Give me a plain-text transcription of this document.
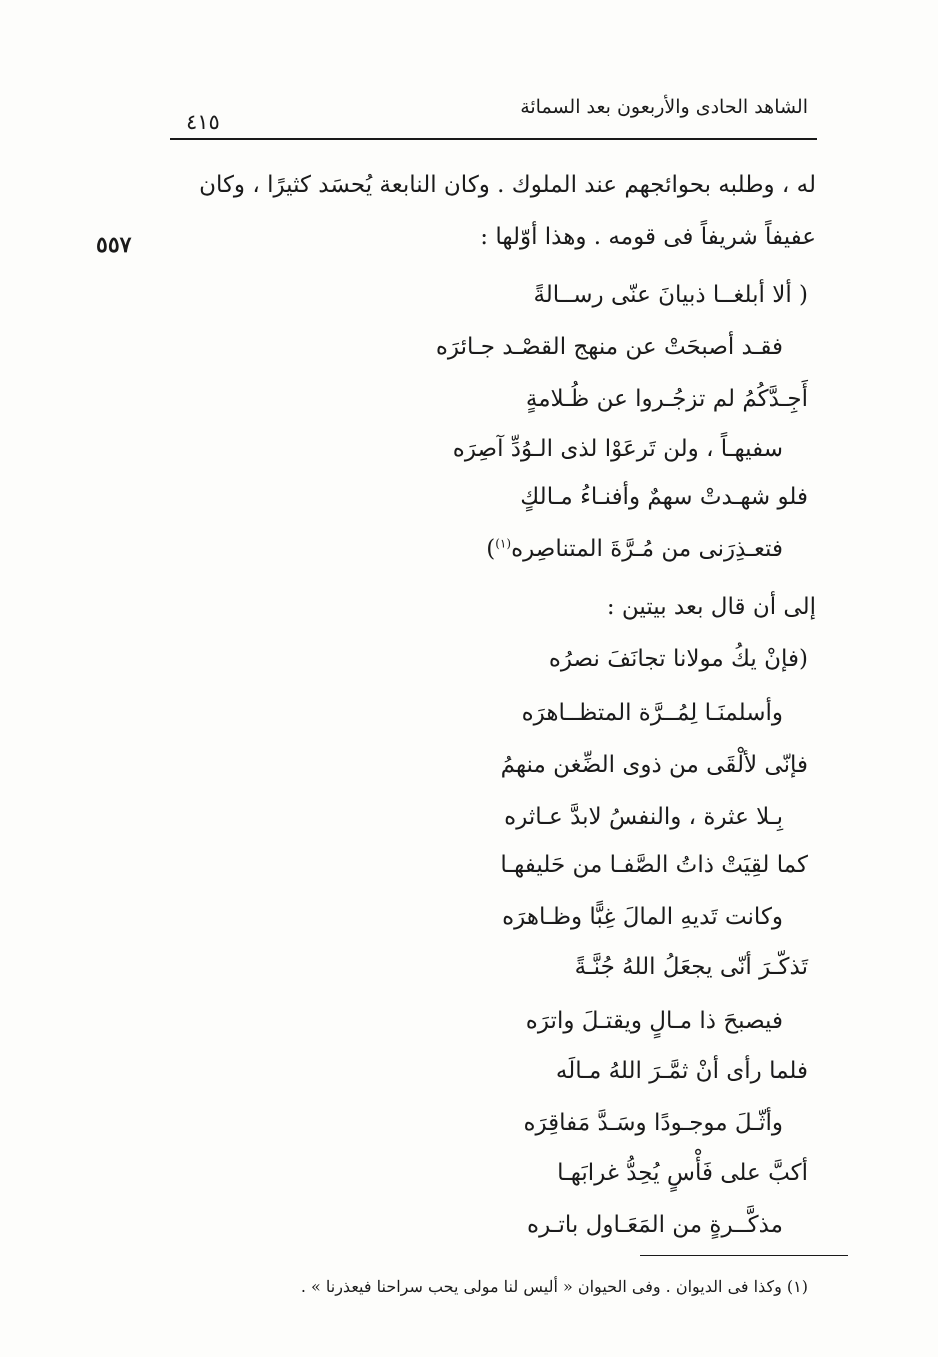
الشاهد الحادى والأربعون بعد السمائة
٤١٥
٥٥٧
له ، وطلبه بحوائجهم عند الملوك . وكان النابعة يُحسَد كثيرًا ، وكان
عفيفاً شريفاً فى قومه . وهذا أوّلها :
( ألا أبلغــا ذبيانَ عنّى رســالةً
فقـد أصبحَتْ عن منهج القصْـد جـائرَه
أَجِـدَّكُمُ لم تزجُـروا عن ظُـلامةٍ
سفيهـاً ، ولن تَرعَوْا لذى الـوُدِّ آصِرَه
فلو شهـدتْ سهمٌ وأفنـاءُ مـالكٍ
فتعـذِرَنى من مُـرَّةَ المتناصِره$^{(١)}$)
إلى أن قال بعد بيتين :
(فإنْ يكُ مولانا تجانَفَ نصرُه
وأسلمنَـا لِمُــرَّة المتظــاهرَه
فإنّى لألْقَى من ذوى الضِّغن منهمُ
بِـلا عثرة ، والنفسُ لابدَّ عـاثره
كما لقِيَتْ ذاتُ الصَّفـا من حَليفهـا
وكانت تَديهِ المالَ غِبًّا وظـاهرَه
تَذكّـرَ أنّى يجعَلُ اللهُ جُنَّـةً
فيصبحَ ذا مـالٍ ويقتـلَ واترَه
فلما رأى أنْ ثمَّـرَ اللهُ مـالَه
وأثّـلَ موجـودًا وسَـدَّ مَفاقِرَه
أكبَّ على فَأْسٍ يُحِدُّ غرابَهـا
مذكَّــرةٍ من المَعَـاول باتـره
(١) وكذا فى الديوان . وفى الحيوان « أليس لنا مولى يحب سراحنا فيعذرنا » .
